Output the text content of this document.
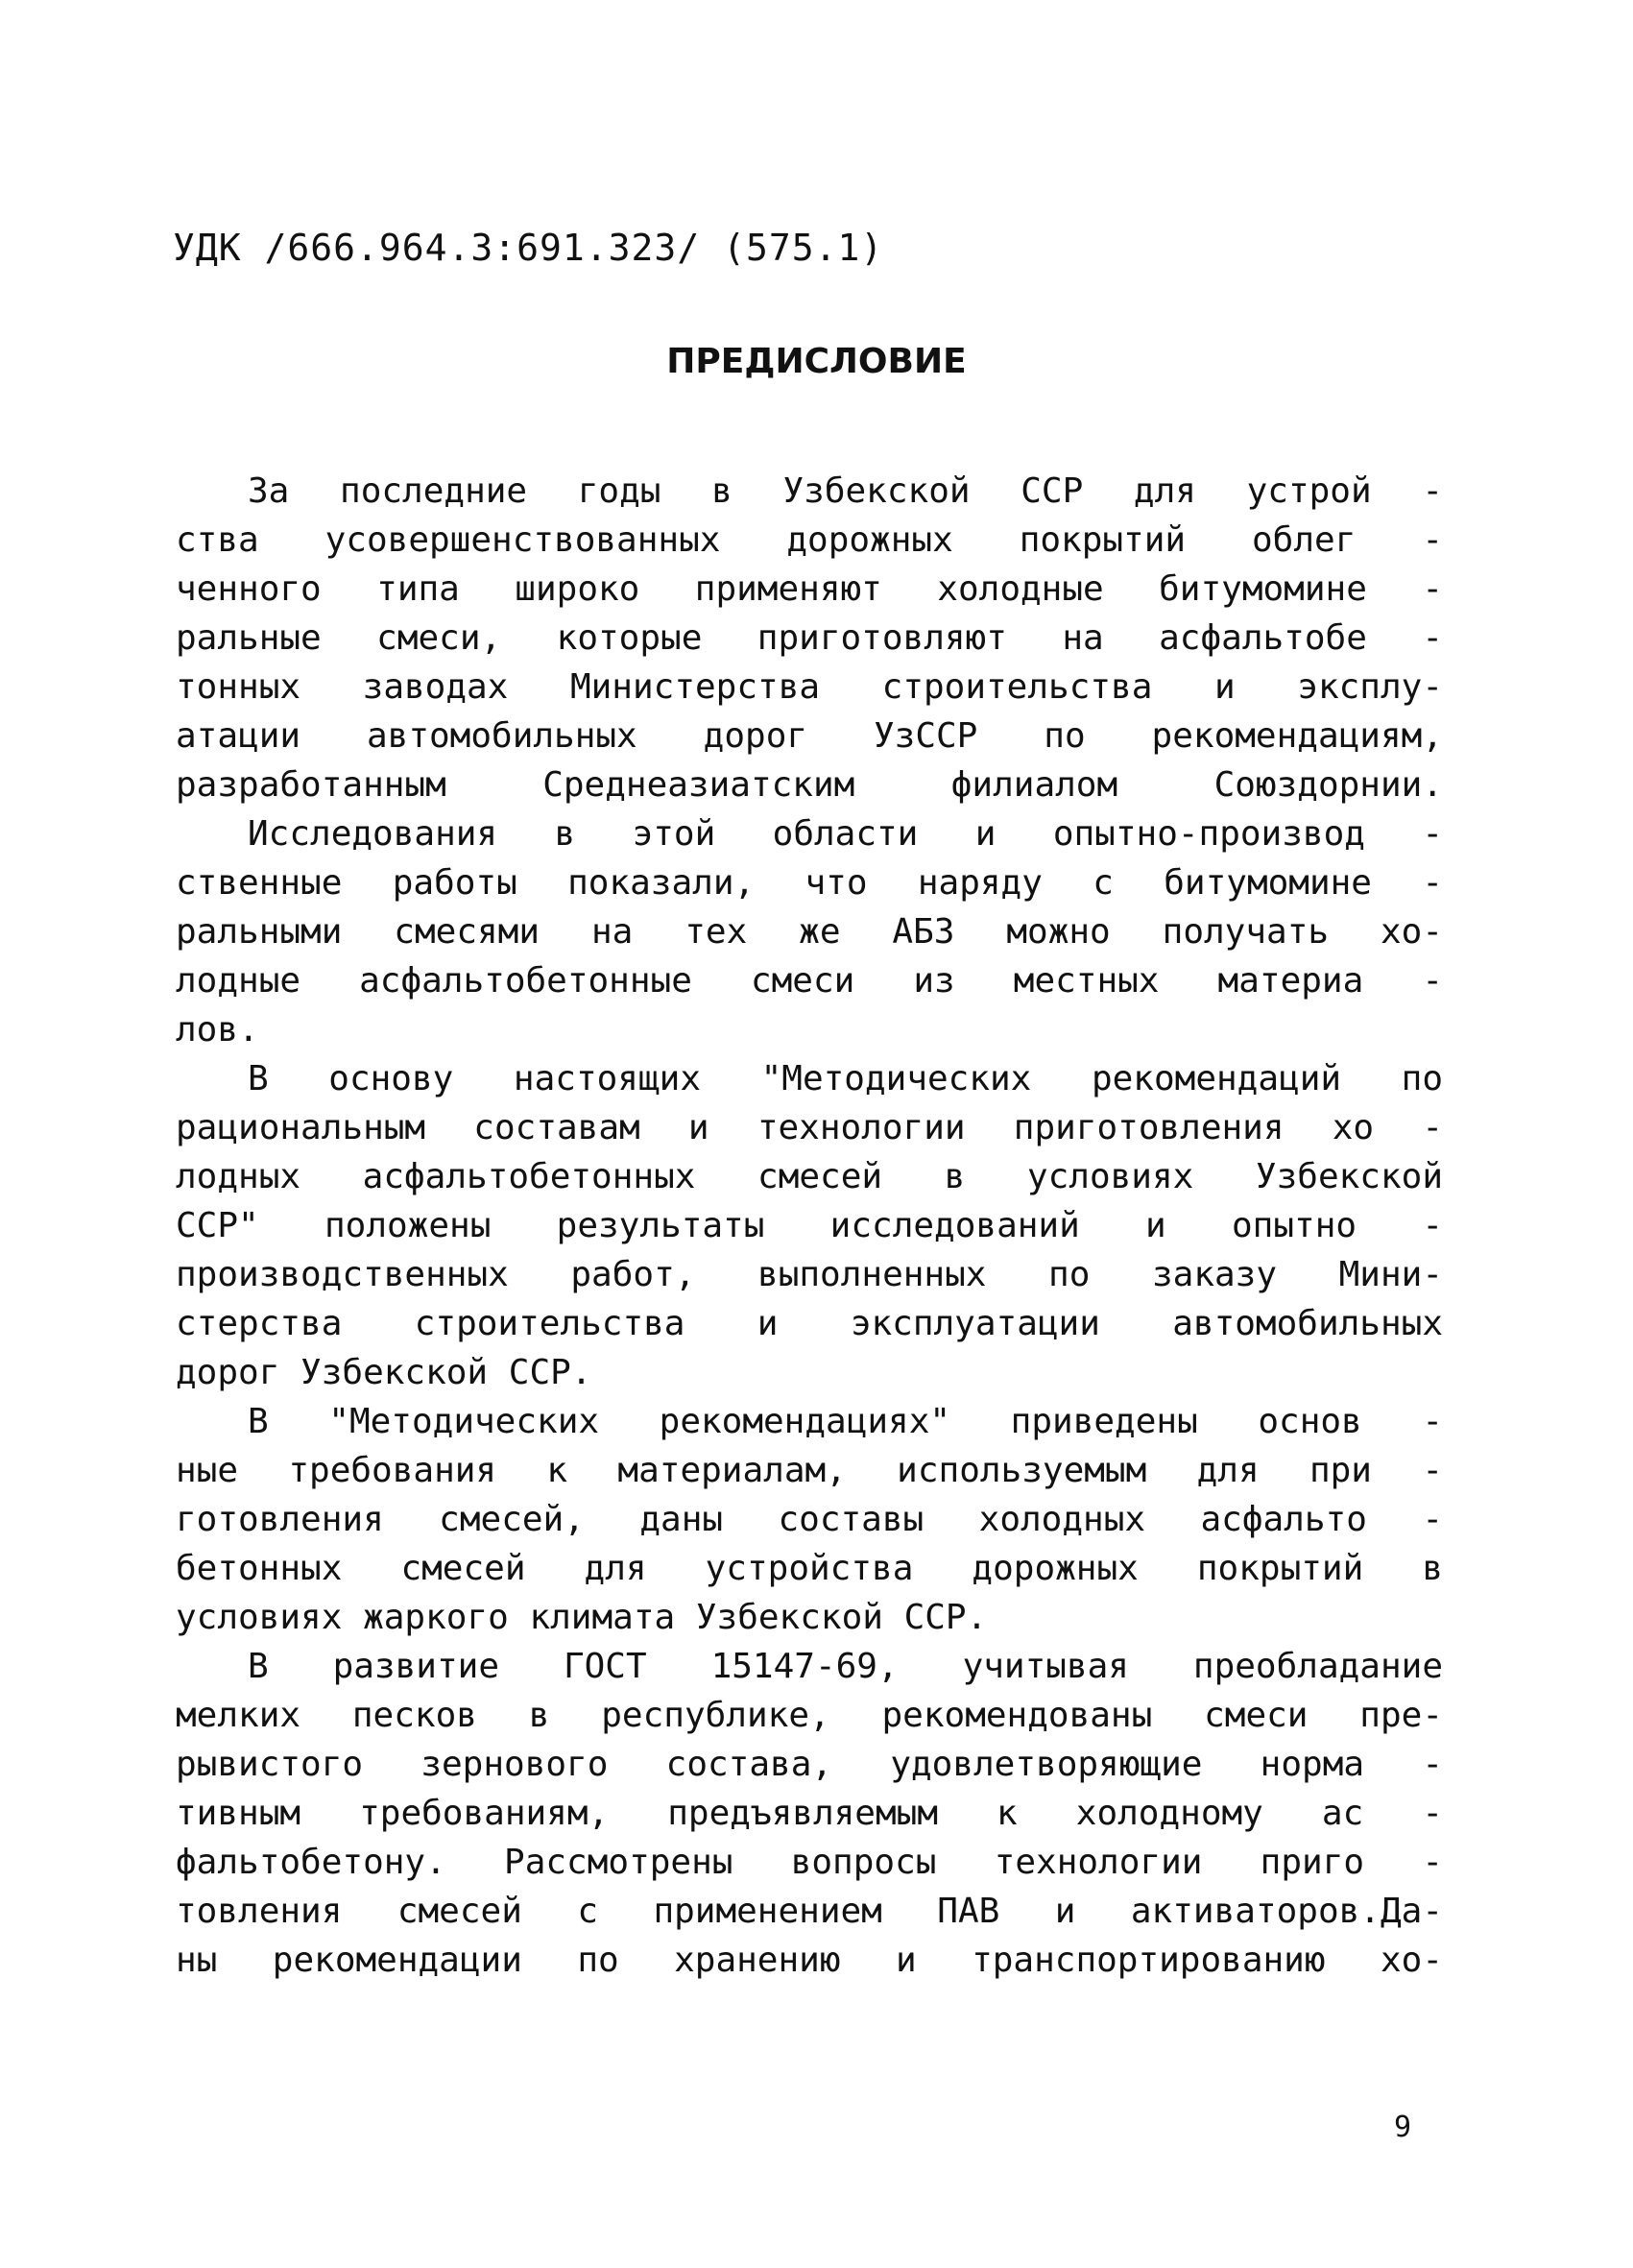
УДК /666.964.3:691.323/ (575.1)
ПРЕДИСЛОВИЕ
За последние годы в Узбекской ССР для устрой -
ства усовершенствованных дорожных покрытий облег -
ченного типа широко применяют холодные битумомине -
ральные смеси, которые приготовляют на асфальтобе -
тонных заводах Министерства строительства и эксплу-
атации автомобильных дорог УзССР по рекомендациям,
разработанным Среднеазиатским филиалом Союздорнии.
Исследования в этой области и опытно-производ -
ственные работы показали, что наряду с битумомине -
ральными смесями на тех же АБЗ можно получать хо-
лодные асфальтобетонные смеси из местных материа -
лов.
В основу настоящих "Методических рекомендаций по
рациональным составам и технологии приготовления хо -
лодных асфальтобетонных смесей в условиях Узбекской
ССР" положены результаты исследований и опытно -
производственных работ, выполненных по заказу Мини-
стерства строительства и эксплуатации автомобильных
дорог Узбекской ССР.
В "Методических рекомендациях" приведены основ -
ные требования к материалам, используемым для при -
готовления смесей, даны составы холодных асфальто -
бетонных смесей для устройства дорожных покрытий в
условиях жаркого климата Узбекской ССР.
В развитие ГОСТ 15147-69, учитывая преобладание
мелких песков в республике, рекомендованы смеси пре-
рывистого зернового состава, удовлетворяющие норма -
тивным требованиям, предъявляемым к холодному ас -
фальтобетону. Рассмотрены вопросы технологии приго -
товления смесей с применением ПАВ и активаторов.Да-
ны рекомендации по хранению и транспортированию хо-
9
